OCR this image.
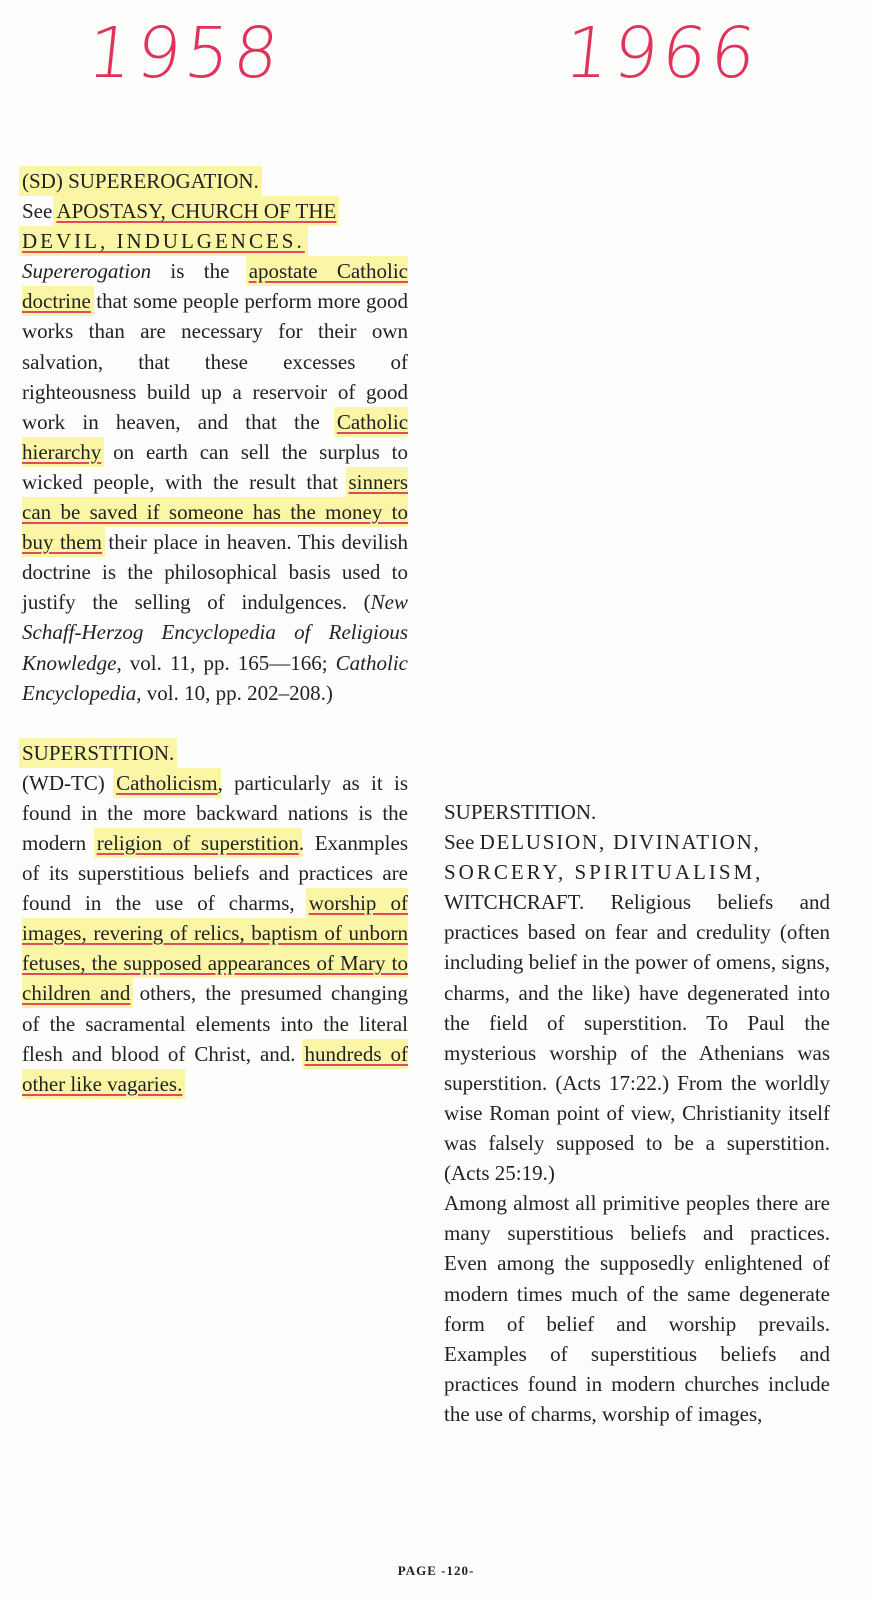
1958	1966

(SD) SUPEREROGATION.

See APOSTASY, CHURCH OF THE

DEVIL, INDULGENCES.

Supererogation is the apostate Catholic doctrine that some people perform more good works than are necessary for their own salvation, that these excesses of righteousness build up a reservoir of good work in heaven, and that the Catholic hierarchy on earth can sell the surplus to wicked people, with the result that sinners can be saved if someone has the money to buy them their place in heaven. This devilish doctrine is the philosophical basis used to justify the selling of indulgences. (New Schaff-Herzog Encyclopedia of Religious Knowledge, vol. 11, pp. 165—166; Catholic Encyclopedia, vol. 10, pp. 202–208.)

SUPERSTITION.

(WD-TC) Catholicism, particularly as it is found in the more backward nations is the modern religion of superstition. Exanmples of its superstitious beliefs and practices are found in the use of charms, worship of images, revering of relics, baptism of unborn fetuses, the supposed appearances of Mary to children and others, the presumed changing of the sacramental elements into the literal flesh and blood of Christ, and. hundreds of other like vagaries.

SUPERSTITION.

See DELUSION, DIVINATION,

SORCERY, SPIRITUALISM,

WITCHCRAFT. Religious beliefs and practices based on fear and credulity (often including belief in the power of omens, signs, charms, and the like) have degenerated into the field of superstition. To Paul the mysterious worship of the Athenians was superstition. (Acts 17:22.) From the worldly wise Roman point of view, Christianity itself was falsely supposed to be a superstition. (Acts 25:19.)

Among almost all primitive peoples there are many superstitious beliefs and practices. Even among the supposedly enlightened of modern times much of the same degenerate form of belief and worship prevails. Examples of superstitious beliefs and practices found in modern churches include the use of charms, worship of images,

PAGE -120-
